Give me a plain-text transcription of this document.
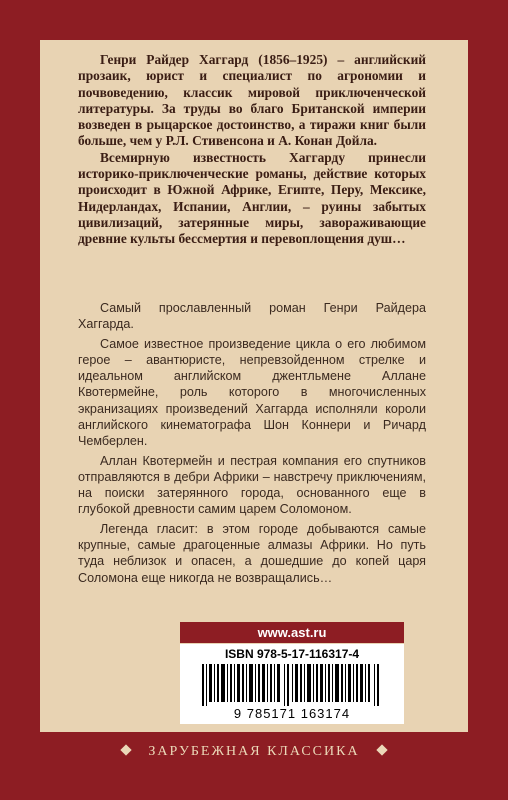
Генри Райдер Хаггард (1856–1925) – английский прозаик, юрист и специалист по агрономии и почвоведению, классик мировой приключенческой литературы. За труды во благо Британской империи возведен в рыцарское достоинство, а тиражи книг были больше, чем у Р.Л. Стивенсона и А. Конан Дойла.

Всемирную известность Хаггарду принесли историко-приключенческие романы, действие которых происходит в Южной Африке, Египте, Перу, Мексике, Нидерландах, Испании, Англии, – руины забытых цивилизаций, затерянные миры, завораживающие древние культы бессмертия и перевоплощения душ…

Самый прославленный роман Генри Райдера Хаггарда.

Самое известное произведение цикла о его любимом герое – авантюристе, непревзойденном стрелке и идеальном английском джентльмене Аллане Квотермейне, роль которого в многочисленных экранизациях произведений Хаггарда исполняли короли английского кинематографа Шон Коннери и Ричард Чемберлен.

Аллан Квотермейн и пестрая компания его спутников отправляются в дебри Африки – навстречу приключениям, на поиски затерянного города, основанного еще в глубокой древности самим царем Соломоном.

Легенда гласит: в этом городе добываются самые крупные, самые драгоценные алмазы Африки. Но путь туда неблизок и опасен, а дошедшие до копей царя Соломона еще никогда не возвращались…

www.ast.ru
ISBN 978-5-17-116317-4
9 785171 163174
ЗАРУБЕЖНАЯ КЛАССИКА
